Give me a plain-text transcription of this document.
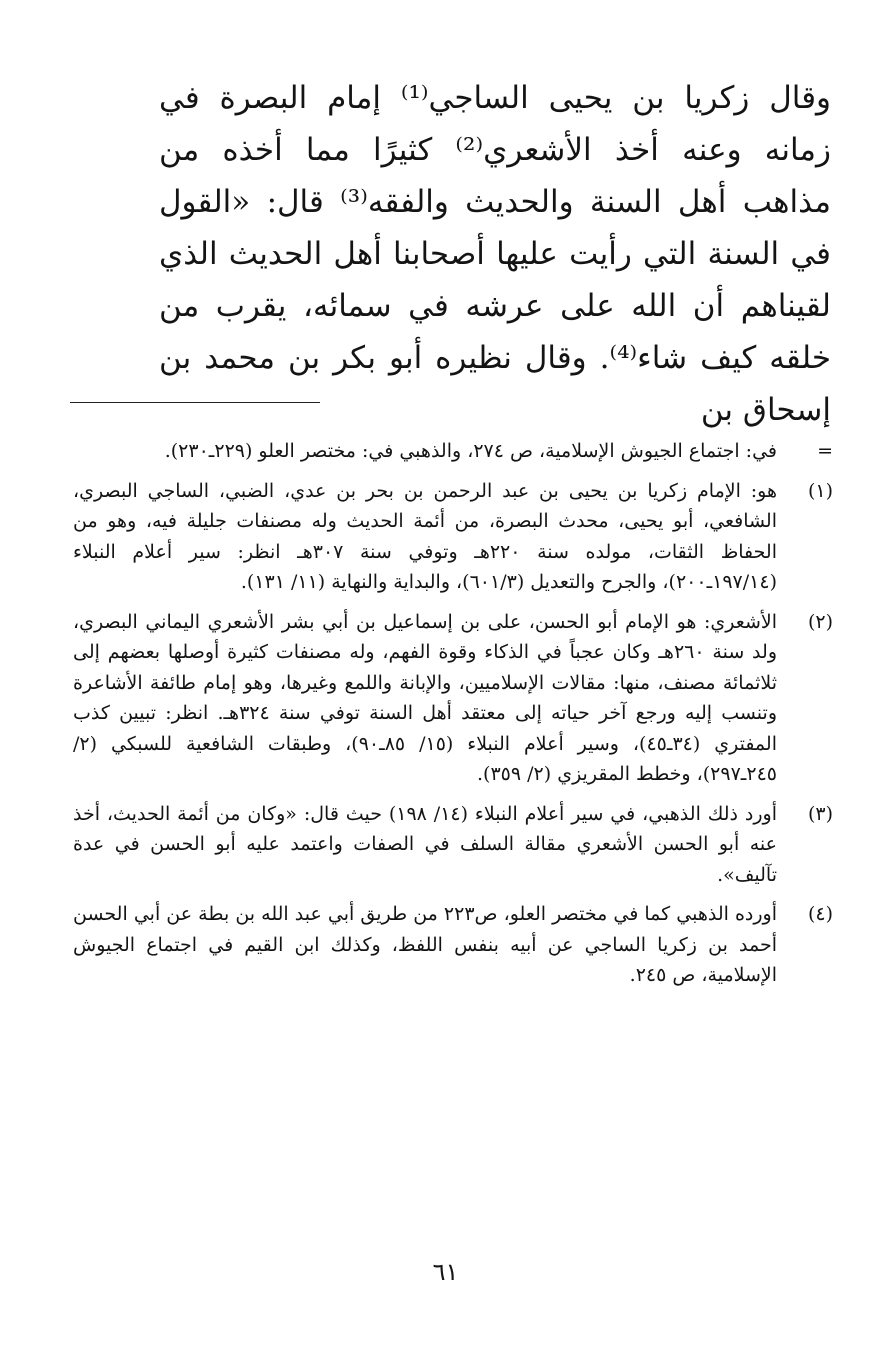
وقال زكريا بن يحيى الساجي⁽¹⁾ إمام البصرة في زمانه وعنه أخذ الأشعري⁽²⁾ كثيرًا مما أخذه من مذاهب أهل السنة والحديث والفقه⁽³⁾ قال: «القول في السنة التي رأيت عليها أصحابنا أهل الحديث الذي لقيناهم أن الله على عرشه في سمائه، يقرب من خلقه كيف شاء⁽⁴⁾. وقال نظيره أبو بكر بن محمد بن إسحاق بن

=
في: اجتماع الجيوش الإسلامية، ص ٢٧٤، والذهبي في: مختصر العلو (٢٢٩ـ٢٣٠).
(١)
هو: الإمام زكريا بن يحيى بن عبد الرحمن بن بحر بن عدي، الضبي، الساجي البصري، الشافعي، أبو يحيى، محدث البصرة، من أئمة الحديث وله مصنفات جليلة فيه، وهو من الحفاظ الثقات، مولده سنة ٢٢٠هـ وتوفي سنة ٣٠٧هـ انظر: سير أعلام النبلاء (١٩٧/١٤ـ٢٠٠)، والجرح والتعديل (٦٠١/٣)، والبداية والنهاية (١١/ ١٣١).
(٢)
الأشعري: هو الإمام أبو الحسن، على بن إسماعيل بن أبي بشر الأشعري اليماني البصري، ولد سنة ٢٦٠هـ وكان عجباً في الذكاء وقوة الفهم، وله مصنفات كثيرة أوصلها بعضهم إلى ثلاثمائة مصنف، منها: مقالات الإسلاميين، والإبانة واللمع وغيرها، وهو إمام طائفة الأشاعرة وتنسب إليه ورجع آخر حياته إلى معتقد أهل السنة توفي سنة ٣٢٤هـ. انظر: تبيين كذب المفتري (٣٤ـ٤٥)، وسير أعلام النبلاء (١٥/ ٨٥ـ٩٠)، وطبقات الشافعية للسبكي (٢/ ٢٤٥ـ٢٩٧)، وخطط المقريزي (٢/ ٣٥٩).
(٣)
أورد ذلك الذهبي، في سير أعلام النبلاء (١٤/ ١٩٨) حيث قال: «وكان من أئمة الحديث، أخذ عنه أبو الحسن الأشعري مقالة السلف في الصفات واعتمد عليه أبو الحسن في عدة تآليف».
(٤)
أورده الذهبي كما في مختصر العلو، ص٢٢٣ من طريق أبي عبد الله بن بطة عن أبي الحسن أحمد بن زكريا الساجي عن أبيه بنفس اللفظ، وكذلك ابن القيم في اجتماع الجيوش الإسلامية، ص ٢٤٥.
٦١
